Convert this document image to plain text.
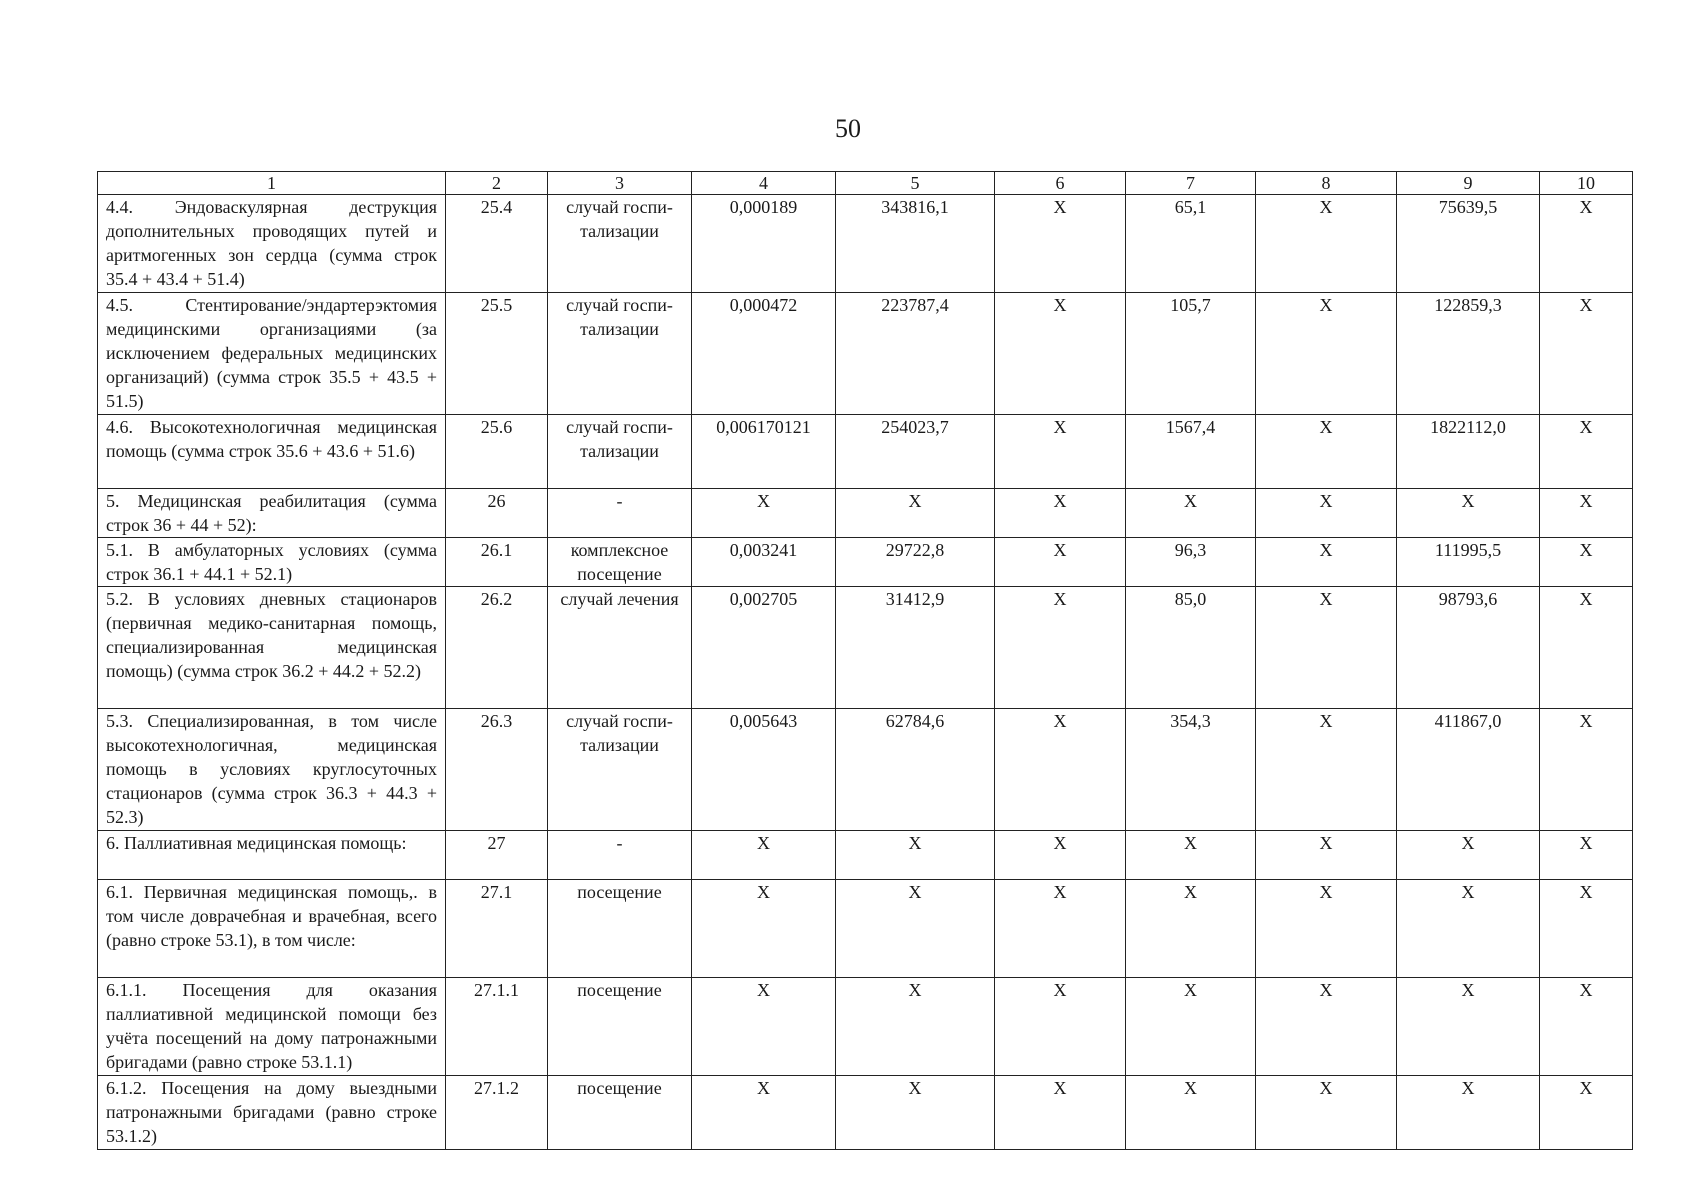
50
1	2	3	4	5	6	7	8	9	10
4.4. Эндоваскулярная деструкция дополнительных проводящих путей и аритмогенных зон сердца (сумма строк 35.4 + 43.4 + 51.4)	25.4	случай госпи-тализации	0,000189	343816,1	X	65,1	X	75639,5	X
4.5. Стентирование/эндартерэктомия медицинскими организациями (за исключением федеральных медицинских организаций) (сумма строк 35.5 + 43.5 + 51.5)	25.5	случай госпи-тализации	0,000472	223787,4	X	105,7	X	122859,3	X
4.6. Высокотехнологичная медицинская помощь (сумма строк 35.6 + 43.6 + 51.6)	25.6	случай госпи-тализации	0,006170121	254023,7	X	1567,4	X	1822112,0	X
5. Медицинская реабилитация (сумма строк 36 + 44 + 52):	26	-	X	X	X	X	X	X	X
5.1. В амбулаторных условиях (сумма строк 36.1 + 44.1 + 52.1)	26.1	комплексное посещение	0,003241	29722,8	X	96,3	X	111995,5	X
5.2. В условиях дневных стационаров (первичная медико-санитарная помощь, специализированная медицинская помощь) (сумма строк 36.2 + 44.2 + 52.2)	26.2	случай лечения	0,002705	31412,9	X	85,0	X	98793,6	X
5.3. Специализированная, в том числе высокотехнологичная, медицинская помощь в условиях круглосуточных стационаров (сумма строк 36.3 + 44.3 + 52.3)	26.3	случай госпи-тализации	0,005643	62784,6	X	354,3	X	411867,0	X
6. Паллиативная медицинская помощь:	27	-	X	X	X	X	X	X	X
6.1. Первичная медицинская помощь,. в том числе доврачебная и врачебная, всего (равно строке 53.1), в том числе:	27.1	посещение	X	X	X	X	X	X	X
6.1.1. Посещения для оказания паллиативной медицинской помощи без учёта посещений на дому патронажными бригадами (равно строке 53.1.1)	27.1.1	посещение	X	X	X	X	X	X	X
6.1.2. Посещения на дому выездными патронажными бригадами (равно строке 53.1.2)	27.1.2	посещение	X	X	X	X	X	X	X
